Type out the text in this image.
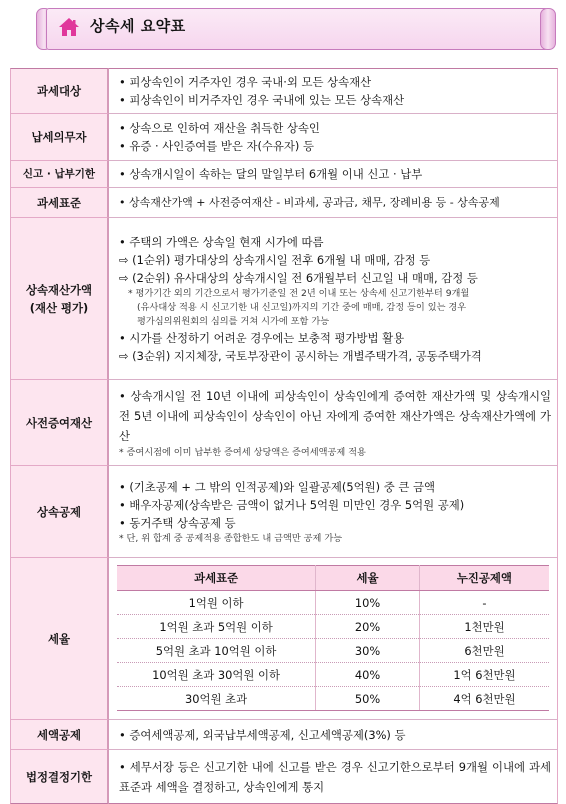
상속세 요약표
과세대상	
• 피상속인이 거주자인 경우 국내·외 모든 상속재산
• 피상속인이 비거주자인 경우 국내에 있는 모든 상속재산

납세의무자	
• 상속으로 인하여 재산을 취득한 상속인
• 유증 · 사인증여를 받은 자(수유자) 등

신고 · 납부기한	• 상속개시일이 속하는 달의 말일부터 6개월 이내 신고 · 납부

과세표준	• 상속재산가액 + 사전증여재산 - 비과세, 공과금, 채무, 장례비용 등 - 상속공제

상속재산가액
(재산 평가)	
• 주택의 가액은 상속일 현재 시가에 따름
⇨ (1순위) 평가대상의 상속개시일 전후 6개월 내 매매, 감정 등
⇨ (2순위) 유사대상의 상속개시일 전 6개월부터 신고일 내 매매, 감정 등
* 평가기간 외의 기간으로서 평가기준일 전 2년 이내 또는 상속세 신고기한부터 9개월
(유사대상 적용 시 신고기한 내 신고일)까지의 기간 중에 매매, 감정 등이 있는 경우
평가심의위원회의 심의를 거쳐 시가에 포함 가능
• 시가를 산정하기 어려운 경우에는 보충적 평가방법 활용
⇨ (3순위) 지지체장, 국토부장관이 공시하는 개별주택가격, 공동주택가격

사전증여재산	
• 상속개시일 전 10년 이내에 피상속인이 상속인에게 증여한 재산가액 및 상속개시일 전 5년 이내에 피상속인이 상속인이 아닌 자에게 증여한 재산가액은 상속재산가액에 가산
* 증여시점에 이미 납부한 증여세 상당액은 증여세액공제 적용

상속공제	
• (기초공제 + 그 밖의 인적공제)와 일괄공제(5억원) 중 큰 금액
• 배우자공제(상속받은 금액이 없거나 5억원 미만인 경우 5억원 공제)
• 동거주택 상속공제 등
* 단, 위 합계 중 공제적용 종합한도 내 금액만 공제 가능

세율	
과세표준	세율	누진공제액
1억원 이하	10%	-
1억원 초과 5억원 이하	20%	1천만원
5억원 초과 10억원 이하	30%	6천만원
10억원 초과 30억원 이하	40%	1억 6천만원
30억원 초과	50%	4억 6천만원

세액공제	• 증여세액공제, 외국납부세액공제, 신고세액공제(3%) 등

법정결정기한	
• 세무서장 등은 신고기한 내에 신고를 받은 경우 신고기한으로부터 9개월 이내에 과세표준과 세액을 결정하고, 상속인에게 통지
